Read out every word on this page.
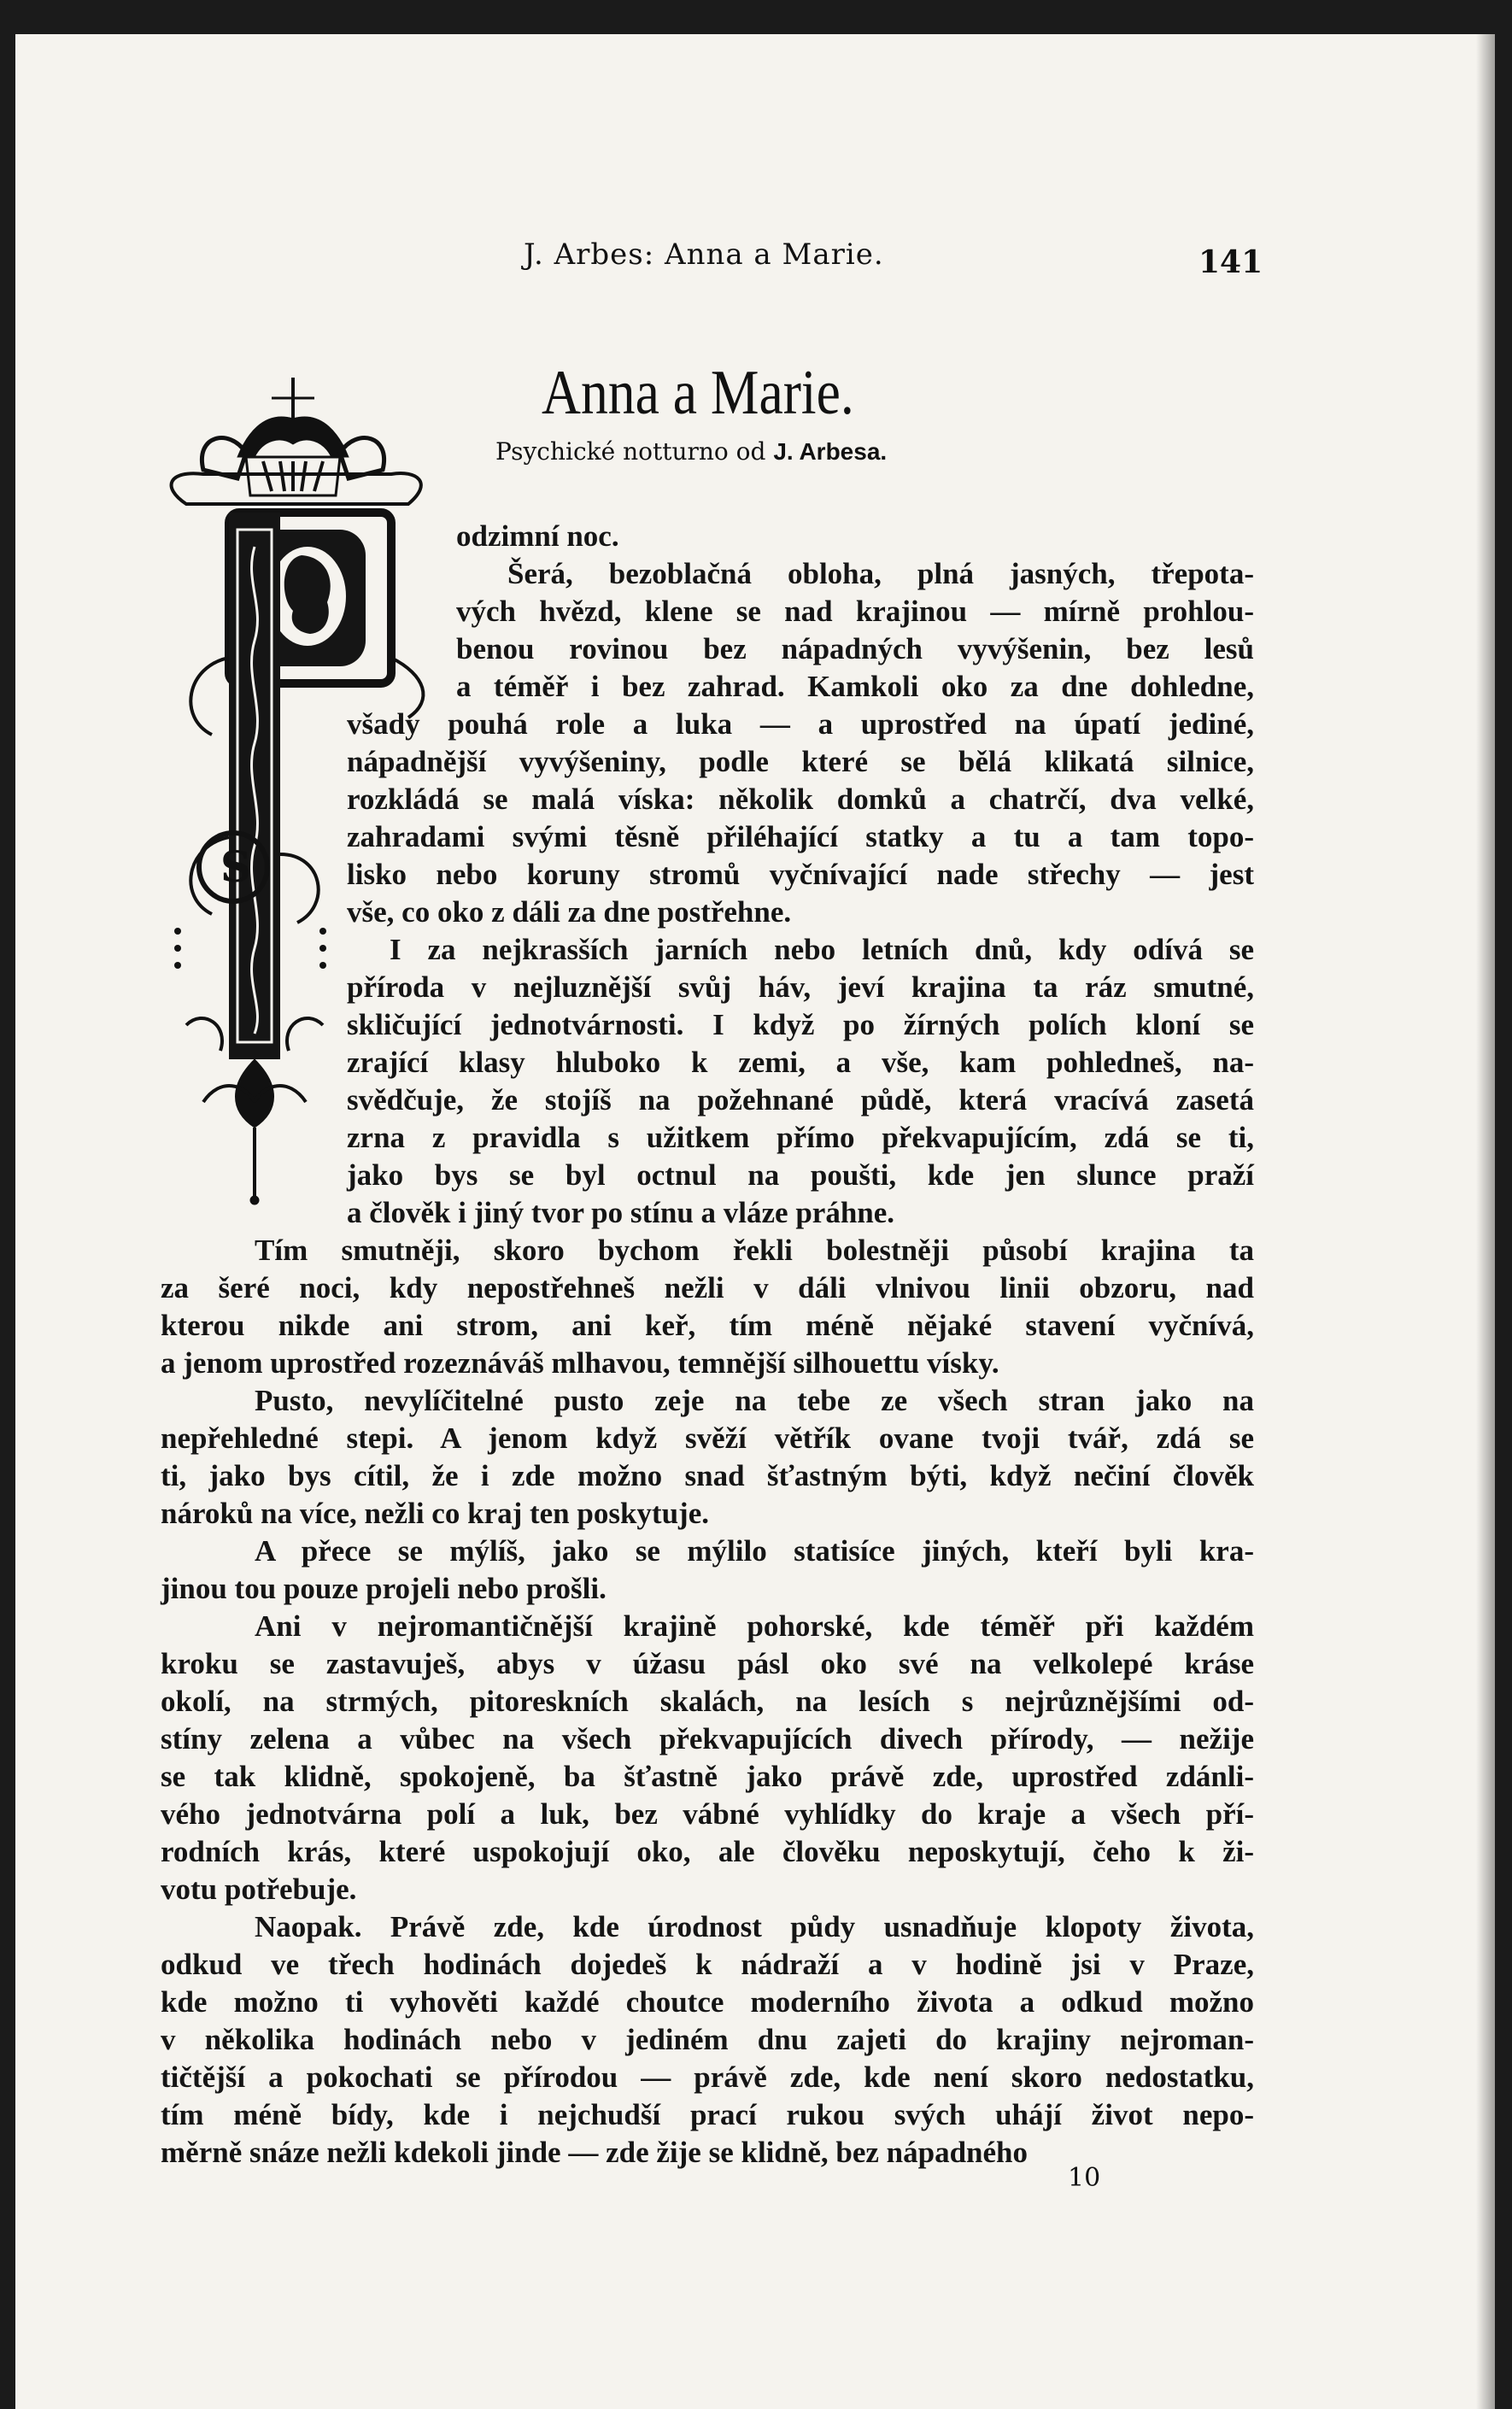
J. Arbes: Anna a Marie.	141
Anna a Marie.
Psychické notturno od J. Arbesa.
S
odzimní noc.
Šerá, bezoblačná obloha, plná jasných, třepota-
vých hvězd, klene se nad krajinou — mírně prohlou-
benou rovinou bez nápadných vyvýšenin, bez lesů
a téměř i bez zahrad. Kamkoli oko za dne dohledne,
všady pouhá role a luka — a uprostřed na úpatí jediné,
nápadnější vyvýšeniny, podle které se bělá klikatá silnice,
rozkládá se malá víska: několik domků a chatrčí, dva velké,
zahradami svými těsně přiléhající statky a tu a tam topo-
lisko nebo koruny stromů vyčnívající nade střechy — jest
vše, co oko z dáli za dne postřehne.
I za nejkrasších jarních nebo letních dnů, kdy odívá se
příroda v nejluznější svůj háv, jeví krajina ta ráz smutné,
skličující jednotvárnosti. I když po žírných polích kloní se
zrající klasy hluboko k zemi, a vše, kam pohledneš, na-
svědčuje, že stojíš na požehnané půdě, která vracívá zasetá
zrna z pravidla s užitkem přímo překvapujícím, zdá se ti,
jako bys se byl octnul na poušti, kde jen slunce praží
a člověk i jiný tvor po stínu a vláze práhne.
Tím smutněji, skoro bychom řekli bolestněji působí krajina ta
za šeré noci, kdy nepostřehneš nežli v dáli vlnivou linii obzoru, nad
kterou nikde ani strom, ani keř, tím méně nějaké stavení vyčnívá,
a jenom uprostřed rozeznáváš mlhavou, temnější silhouettu vísky.
Pusto, nevylíčitelné pusto zeje na tebe ze všech stran jako na
nepřehledné stepi. A jenom když svěží větřík ovane tvoji tvář, zdá se
ti, jako bys cítil, že i zde možno snad šťastným býti, když nečiní člověk
nároků na více, nežli co kraj ten poskytuje.
A přece se mýlíš, jako se mýlilo statisíce jiných, kteří byli kra-
jinou tou pouze projeli nebo prošli.
Ani v nejromantičnější krajině pohorské, kde téměř při každém
kroku se zastavuješ, abys v úžasu pásl oko své na velkolepé krásе
okolí, na strmých, pitoreskních skalách, na lesích s nejrůznějšími od-
stíny zelena a vůbec na všech překvapujících divech přírody, — nežije
se tak klidně, spokojeně, ba šťastně jako právě zde, uprostřed zdánli-
vého jednotvárna polí a luk, bez vábné vyhlídky do kraje a všech pří-
rodních krás, které uspokojují oko, ale člověku neposkytují, čeho k ži-
votu potřebuje.
Naopak. Právě zde, kde úrodnost půdy usnadňuje klopoty života,
odkud ve třech hodinách dojedeš k nádraží a v hodině jsi v Praze,
kde možno ti vyhověti každé choutce moderního života a odkud možno
v několika hodinách nebo v jediném dnu zajeti do krajiny nejroman-
tičtější a pokochati se přírodou — právě zde, kde není skoro nedostatku,
tím méně bídy, kde i nejchudší prací rukou svých uhájí život nepo-
měrně snáze nežli kdekoli jinde — zde žije se klidně, bez nápadného
10
